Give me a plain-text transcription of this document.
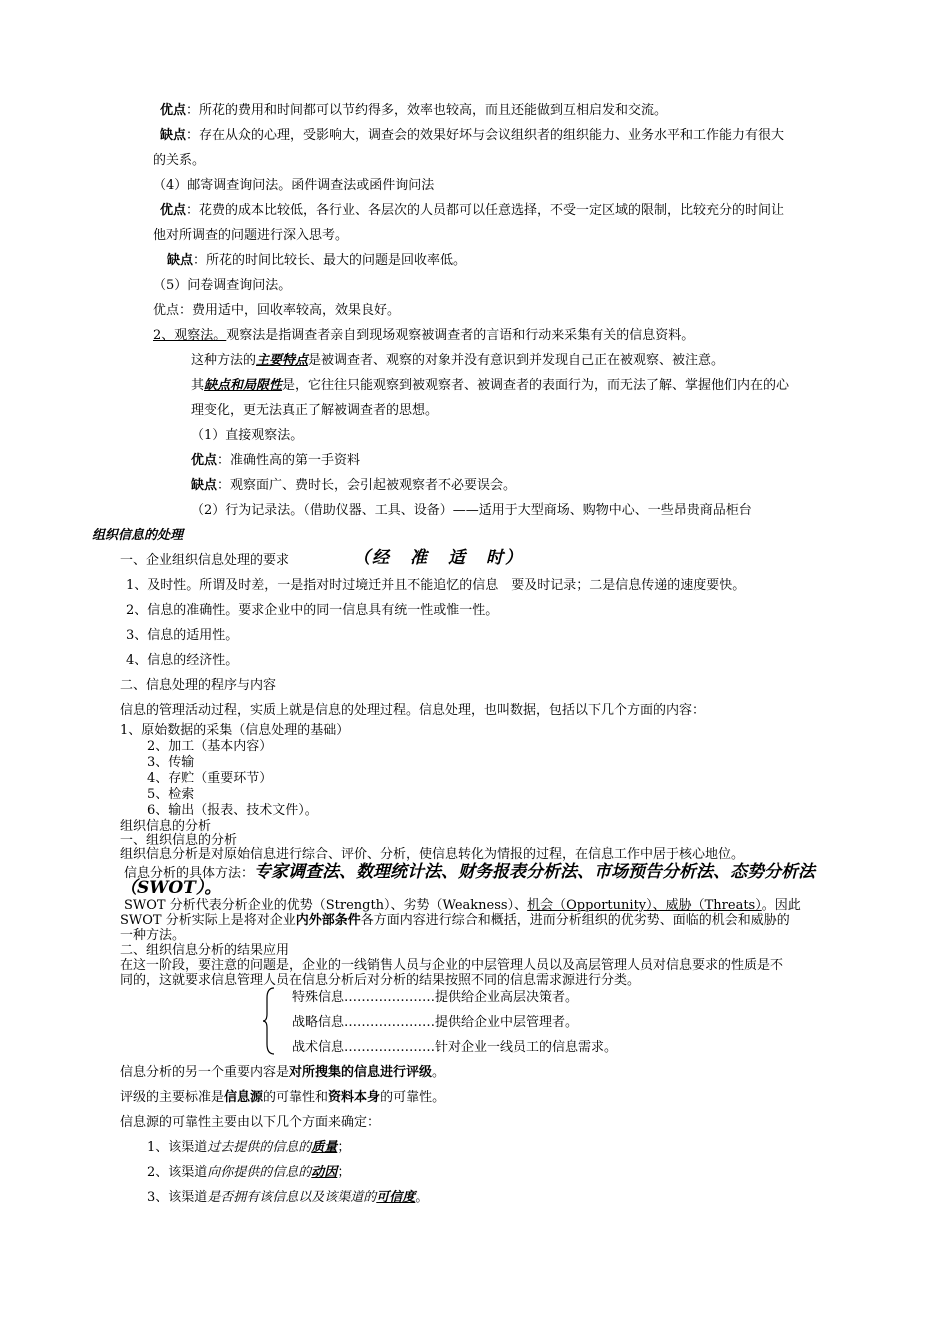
优点：所花的费用和时间都可以节约得多，效率也较高，而且还能做到互相启发和交流。
缺点：存在从众的心理，受影响大，调查会的效果好坏与会议组织者的组织能力、业务水平和工作能力有很大
的关系。
（4）邮寄调查询问法。函件调查法或函件询问法
优点：花费的成本比较低，各行业、各层次的人员都可以任意选择，不受一定区域的限制，比较充分的时间让
他对所调查的问题进行深入思考。
缺点：所花的时间比较长、最大的问题是回收率低。
（5）问卷调查询问法。
优点：费用适中，回收率较高，效果良好。
2、观察法。观察法是指调查者亲自到现场观察被调查者的言语和行动来采集有关的信息资料。
这种方法的主要特点是被调查者、观察的对象并没有意识到并发现自己正在被观察、被注意。
其缺点和局限性是，它往往只能观察到被观察者、被调查者的表面行为，而无法了解、掌握他们内在的心
理变化，更无法真正了解被调查者的思想。
（1）直接观察法。
优点：准确性高的第一手资料
缺点：观察面广、费时长，会引起被观察者不必要误会。
（2）行为记录法。（借助仪器、工具、设备）——适用于大型商场、购物中心、一些昂贵商品柜台
组织信息的处理
一、企业组织信息处理的要求	（经　准　适　时）
1、及时性。所谓及时差，一是指对时过境迁并且不能追忆的信息　要及时记录；二是信息传递的速度要快。
2、信息的准确性。要求企业中的同一信息具有统一性或惟一性。
3、信息的适用性。
4、信息的经济性。
二、信息处理的程序与内容
信息的管理活动过程，实质上就是信息的处理过程。信息处理，也叫数据，包括以下几个方面的内容：
1、原始数据的采集（信息处理的基础）
2、加工（基本内容）
3、传输
4、存贮（重要环节）
5、检索
6、输出（报表、技术文件）。
组织信息的分析
一、组织信息的分析
组织信息分析是对原始信息进行综合、评价、分析，使信息转化为情报的过程，在信息工作中居于核心地位。
信息分析的具体方法：专家调查法、数理统计法、财务报表分析法、市场预告分析法、态势分析法
（SWOT）。
SWOT 分析代表分析企业的优势（Strength）、劣势（Weakness）、机会（Opportunity）、威胁（Threats）。因此
SWOT 分析实际上是将对企业内外部条件各方面内容进行综合和概括，进而分析组织的优劣势、面临的机会和威胁的
一种方法。
二、组织信息分析的结果应用
在这一阶段，要注意的问题是，企业的一线销售人员与企业的中层管理人员以及高层管理人员对信息要求的性质是不
同的，这就要求信息管理人员在信息分析后对分析的结果按照不同的信息需求源进行分类。
特殊信息…………………提供给企业高层决策者。
战略信息…………………提供给企业中层管理者。
战术信息…………………针对企业一线员工的信息需求。
信息分析的另一个重要内容是对所搜集的信息进行评级。
评级的主要标准是信息源的可靠性和资料本身的可靠性。
信息源的可靠性主要由以下几个方面来确定：
1、该渠道过去提供的信息的质量；
2、该渠道向你提供的信息的动因；
3、该渠道是否拥有该信息以及该渠道的可信度。
